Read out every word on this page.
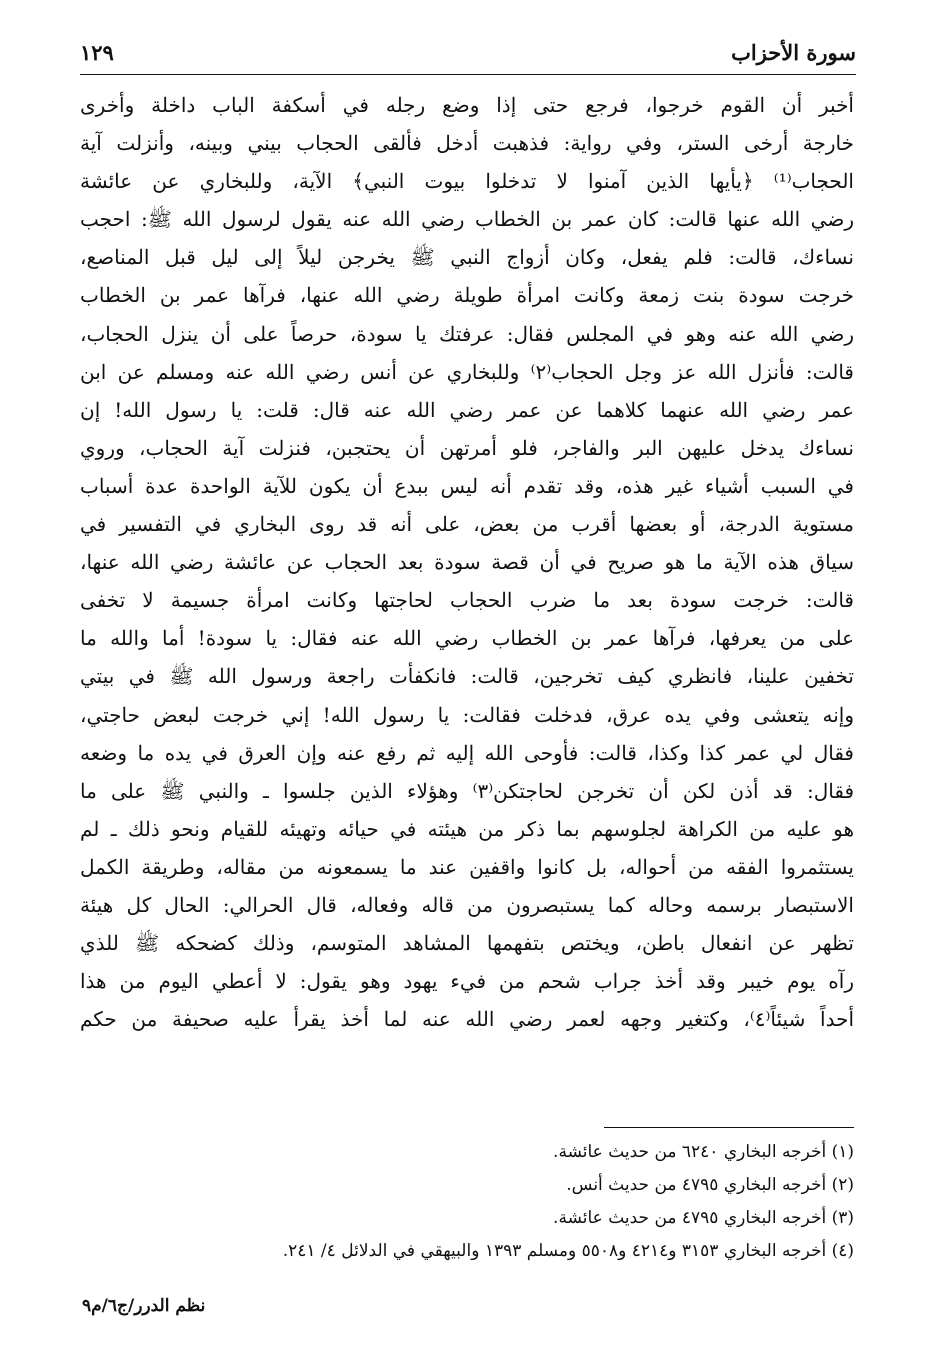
سورة الأحزاب
١٢٩
أخبر أن القوم خرجوا، فرجع حتى إذا وضع رجله في أسكفة الباب داخلة وأخرى
خارجة أرخى الستر، وفي رواية: فذهبت أدخل فألقى الحجاب بيني وبينه، وأنزلت آية
الحجاب⁽¹⁾ ﴿يأيها الذين آمنوا لا تدخلوا بيوت النبي﴾ الآية، وللبخاري عن عائشة
رضي الله عنها قالت: كان عمر بن الخطاب رضي الله عنه يقول لرسول الله ﷺ: احجب
نساءك، قالت: فلم يفعل، وكان أزواج النبي ﷺ يخرجن ليلاً إلى ليل قبل المناصع،
خرجت سودة بنت زمعة وكانت امرأة طويلة رضي الله عنها، فرآها عمر بن الخطاب
رضي الله عنه وهو في المجلس فقال: عرفتك يا سودة، حرصاً على أن ينزل الحجاب،
قالت: فأنزل الله عز وجل الحجاب⁽٢⁾ وللبخاري عن أنس رضي الله عنه ومسلم عن ابن
عمر رضي الله عنهما كلاهما عن عمر رضي الله عنه قال: قلت: يا رسول الله! إن
نساءك يدخل عليهن البر والفاجر، فلو أمرتهن أن يحتجبن، فنزلت آية الحجاب، وروي
في السبب أشياء غير هذه، وقد تقدم أنه ليس ببدع أن يكون للآية الواحدة عدة أسباب
مستوية الدرجة، أو بعضها أقرب من بعض، على أنه قد روى البخاري في التفسير في
سياق هذه الآية ما هو صريح في أن قصة سودة بعد الحجاب عن عائشة رضي الله عنها،
قالت: خرجت سودة بعد ما ضرب الحجاب لحاجتها وكانت امرأة جسيمة لا تخفى
على من يعرفها، فرآها عمر بن الخطاب رضي الله عنه فقال: يا سودة! أما والله ما
تخفين علينا، فانظري كيف تخرجين، قالت: فانكفأت راجعة ورسول الله ﷺ في بيتي
وإنه يتعشى وفي يده عرق، فدخلت فقالت: يا رسول الله! إني خرجت لبعض حاجتي،
فقال لي عمر كذا وكذا، قالت: فأوحى الله إليه ثم رفع عنه وإن العرق في يده ما وضعه
فقال: قد أذن لكن أن تخرجن لحاجتكن⁽٣⁾ وهؤلاء الذين جلسوا ـ والنبي ﷺ على ما
هو عليه من الكراهة لجلوسهم بما ذكر من هيئته في حيائه وتهيئه للقيام ونحو ذلك ـ لم
يستثمروا الفقه من أحواله، بل كانوا واقفين عند ما يسمعونه من مقاله، وطريقة الكمل
الاستبصار برسمه وحاله كما يستبصرون من قاله وفعاله، قال الحرالي: الحال كل هيئة
تظهر عن انفعال باطن، ويختص بتفهمها المشاهد المتوسم، وذلك كضحكه ﷺ للذي
رآه يوم خيبر وقد أخذ جراب شحم من فيء يهود وهو يقول: لا أعطي اليوم من هذا
أحداً شيئاً⁽٤⁾، وكتغير وجهه لعمر رضي الله عنه لما أخذ يقرأ عليه صحيفة من حكم
(١) أخرجه البخاري ٦٢٤٠ من حديث عائشة.
(٢) أخرجه البخاري ٤٧٩٥ من حديث أنس.
(٣) أخرجه البخاري ٤٧٩٥ من حديث عائشة.
(٤) أخرجه البخاري ٣١٥٣ و٤٢١٤ و٥٥٠٨ ومسلم ١٣٩٣ والبيهقي في الدلائل ٤/ ٢٤١.
نظم الدرر/ج٦/م٩
